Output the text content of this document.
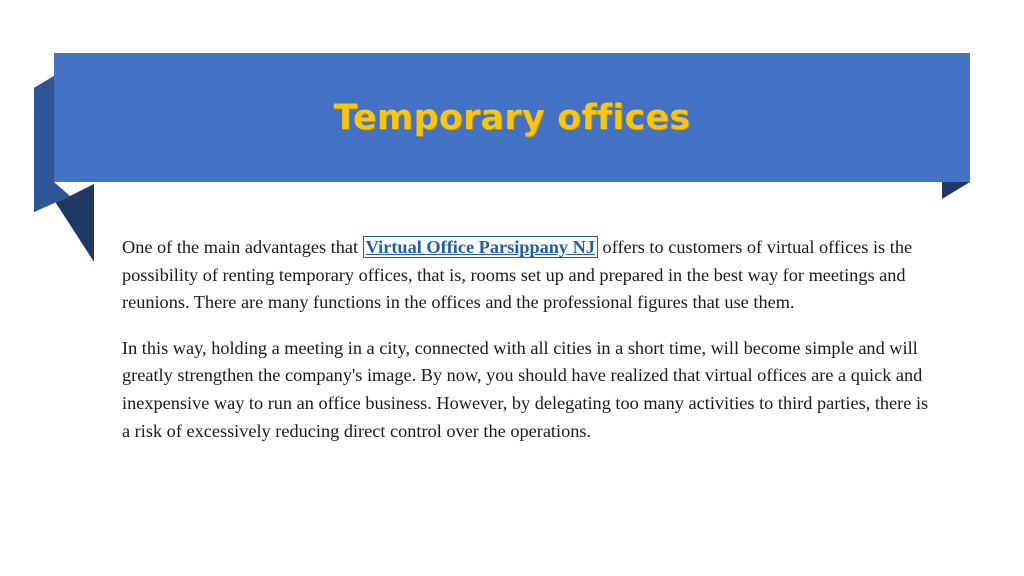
Temporary offices

One of the main advantages that Virtual Office Parsippany NJ offers to customers of virtual offices is the possibility of renting temporary offices, that is, rooms set up and prepared in the best way for meetings and reunions. There are many functions in the offices and the professional figures that use them.

In this way, holding a meeting in a city, connected with all cities in a short time, will become simple and will greatly strengthen the company's image. By now, you should have realized that virtual offices are a quick and inexpensive way to run an office business. However, by delegating too many activities to third parties, there is a risk of excessively reducing direct control over the operations.
